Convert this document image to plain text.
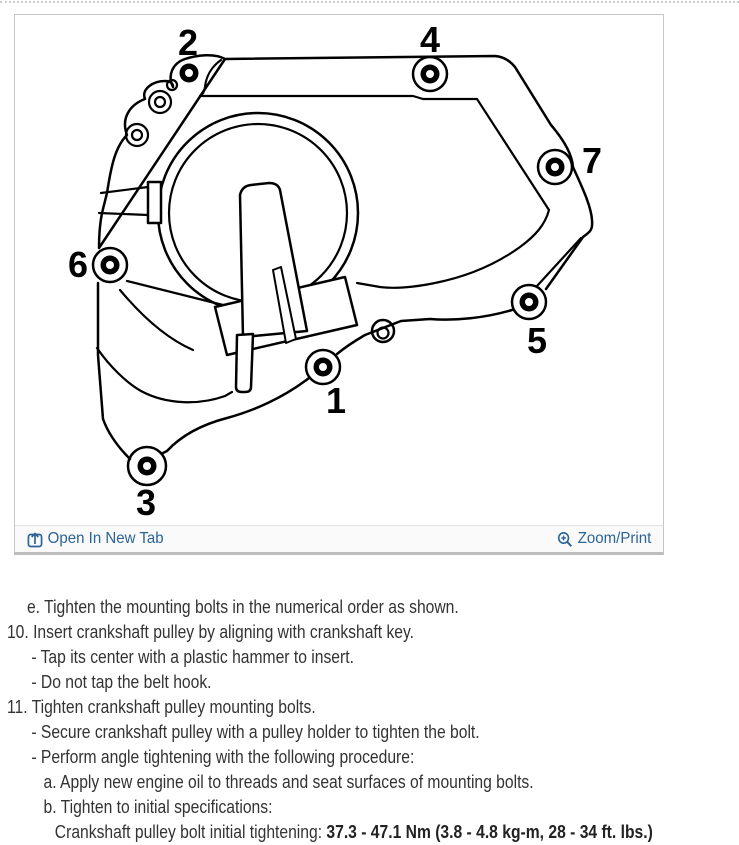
1
2
3
4
5
6
7
Open In New Tab	Zoom/Print
e. Tighten the mounting bolts in the numerical order as shown.
10. Insert crankshaft pulley by aligning with crankshaft key.
- Tap its center with a plastic hammer to insert.
- Do not tap the belt hook.
11. Tighten crankshaft pulley mounting bolts.
- Secure crankshaft pulley with a pulley holder to tighten the bolt.
- Perform angle tightening with the following procedure:
a. Apply new engine oil to threads and seat surfaces of mounting bolts.
b. Tighten to initial specifications:
Crankshaft pulley bolt initial tightening: 37.3 - 47.1 Nm (3.8 - 4.8 kg-m, 28 - 34 ft. lbs.)
